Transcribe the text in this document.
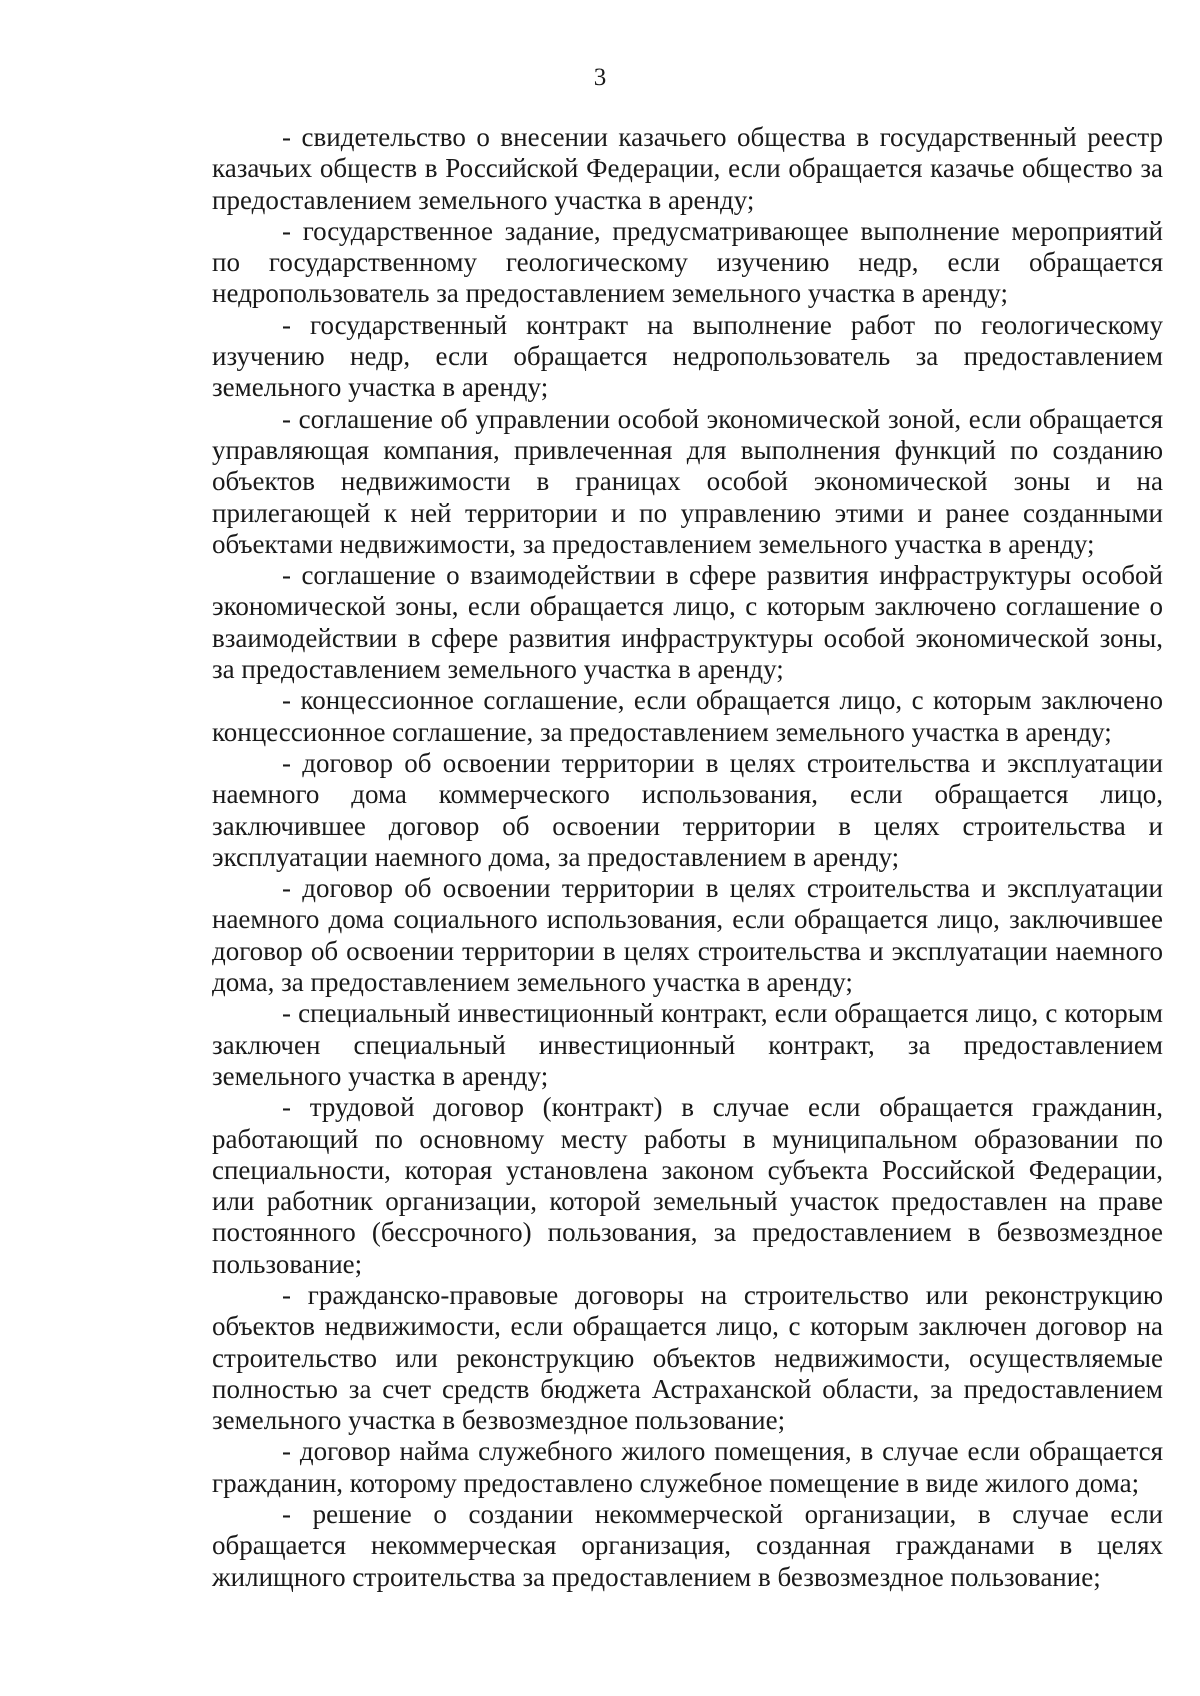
3

- свидетельство о внесении казачьего общества в государственный реестр казачьих обществ в Российской Федерации, если обращается казачье общество за предоставлением земельного участка в аренду;

- государственное задание, предусматривающее выполнение мероприятий по государственному геологическому изучению недр, если обращается недропользователь за предоставлением земельного участка в аренду;

- государственный контракт на выполнение работ по геологическому изучению недр, если обращается недропользователь за предоставлением земельного участка в аренду;

- соглашение об управлении особой экономической зоной, если обращается управляющая компания, привлеченная для выполнения функций по созданию объектов недвижимости в границах особой экономической зоны и на прилегающей к ней территории и по управлению этими и ранее созданными объектами недвижимости, за предоставлением земельного участка в аренду;

- соглашение о взаимодействии в сфере развития инфраструктуры особой экономической зоны, если обращается лицо, с которым заключено соглашение о взаимодействии в сфере развития инфраструктуры особой экономической зоны, за предоставлением земельного участка в аренду;

- концессионное соглашение, если обращается лицо, с которым заключено концессионное соглашение, за предоставлением земельного участка в аренду;

- договор об освоении территории в целях строительства и эксплуатации наемного дома коммерческого использования, если обращается лицо, заключившее договор об освоении территории в целях строительства и эксплуатации наемного дома, за предоставлением в аренду;

- договор об освоении территории в целях строительства и эксплуатации наемного дома социального использования, если обращается лицо, заключившее договор об освоении территории в целях строительства и эксплуатации наемного дома, за предоставлением земельного участка в аренду;

- специальный инвестиционный контракт, если обращается лицо, с которым заключен специальный инвестиционный контракт, за предоставлением земельного участка в аренду;

- трудовой договор (контракт) в случае если обращается гражданин, работающий по основному месту работы в муниципальном образовании по специальности, которая установлена законом субъекта Российской Федерации, или работник организации, которой земельный участок предоставлен на праве постоянного (бессрочного) пользования, за предоставлением в безвозмездное пользование;

- гражданско-правовые договоры на строительство или реконструкцию объектов недвижимости, если обращается лицо, с которым заключен договор на строительство или реконструкцию объектов недвижимости, осуществляемые полностью за счет средств бюджета Астраханской области, за предоставлением земельного участка в безвозмездное пользование;

- договор найма служебного жилого помещения, в случае если обращается гражданин, которому предоставлено служебное помещение в виде жилого дома;

- решение о создании некоммерческой организации, в случае если обращается некоммерческая организация, созданная гражданами в целях жилищного строительства за предоставлением в безвозмездное пользование;
